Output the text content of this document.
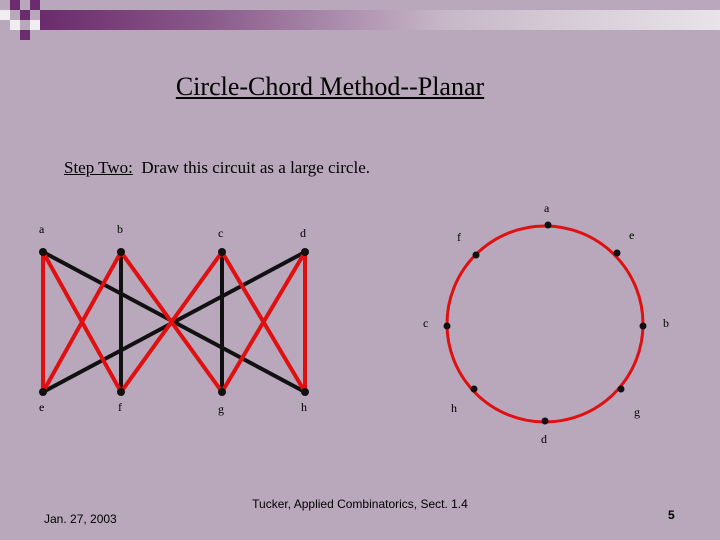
Circle-Chord Method--Planar
Step Two: Draw this circuit as a large circle.
a	b	c	d
e	f	g	h
a
e
b
g
d
h
c
f
Jan. 27, 2003
Tucker, Applied Combinatorics, Sect. 1.4
5
